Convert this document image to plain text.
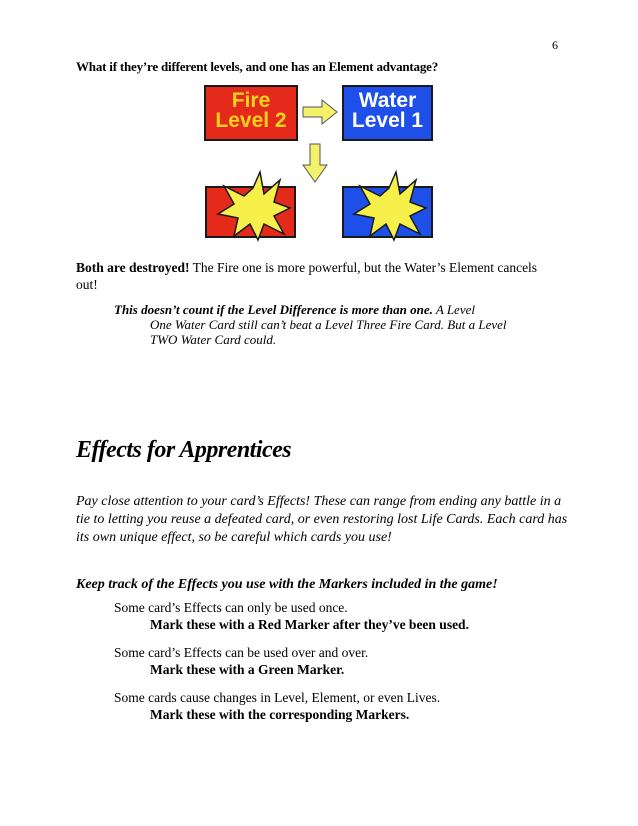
6
What if they’re different levels, and one has an Element advantage?
Fire
Level 2
Water
Level 1
Both are destroyed! The Fire one is more powerful, but the Water’s Element cancels out!
This doesn’t count if the Level Difference is more than one. A Level
One Water Card still can’t beat a Level Three Fire Card. But a Level
TWO Water Card could.
Effects for Apprentices
Pay close attention to your card’s Effects! These can range from ending any battle in a tie to letting you reuse a defeated card, or even restoring lost Life Cards. Each card has its own unique effect, so be careful which cards you use!
Keep track of the Effects you use with the Markers included in the game!
Some card’s Effects can only be used once.
Mark these with a Red Marker after they’ve been used.
Some card’s Effects can be used over and over.
Mark these with a Green Marker.
Some cards cause changes in Level, Element, or even Lives.
Mark these with the corresponding Markers.
